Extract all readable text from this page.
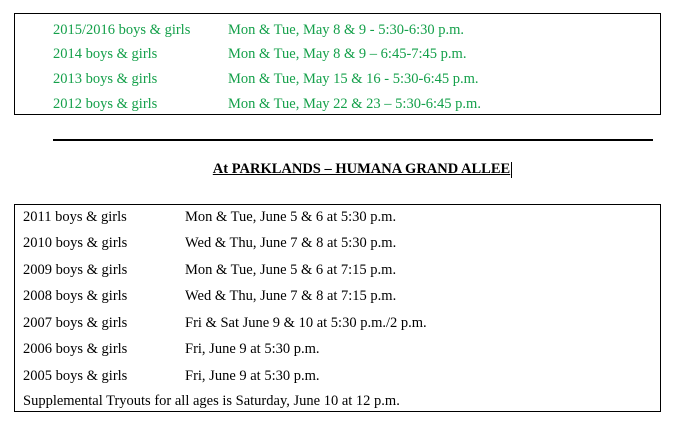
2015/2016 boys & girls	Mon & Tue, May 8 & 9 - 5:30-6:30 p.m.
2014 boys & girls	Mon & Tue, May 8 & 9 – 6:45-7:45 p.m.
2013 boys & girls	Mon & Tue, May 15 & 16 - 5:30-6:45 p.m.
2012 boys & girls	Mon & Tue, May 22 & 23 – 5:30-6:45 p.m.
At PARKLANDS – HUMANA GRAND ALLEE
2011 boys & girls	Mon & Tue, June 5 & 6 at 5:30 p.m.
2010 boys & girls	Wed & Thu, June 7 & 8 at 5:30 p.m.
2009 boys & girls	Mon & Tue, June 5 & 6 at 7:15 p.m.
2008 boys & girls	Wed & Thu, June 7 & 8 at 7:15 p.m.
2007 boys & girls	Fri & Sat June 9 & 10 at 5:30 p.m./2 p.m.
2006 boys & girls	Fri, June 9 at 5:30 p.m.
2005 boys & girls	Fri, June 9 at 5:30 p.m.
Supplemental Tryouts for all ages is Saturday, June 10 at 12 p.m.
